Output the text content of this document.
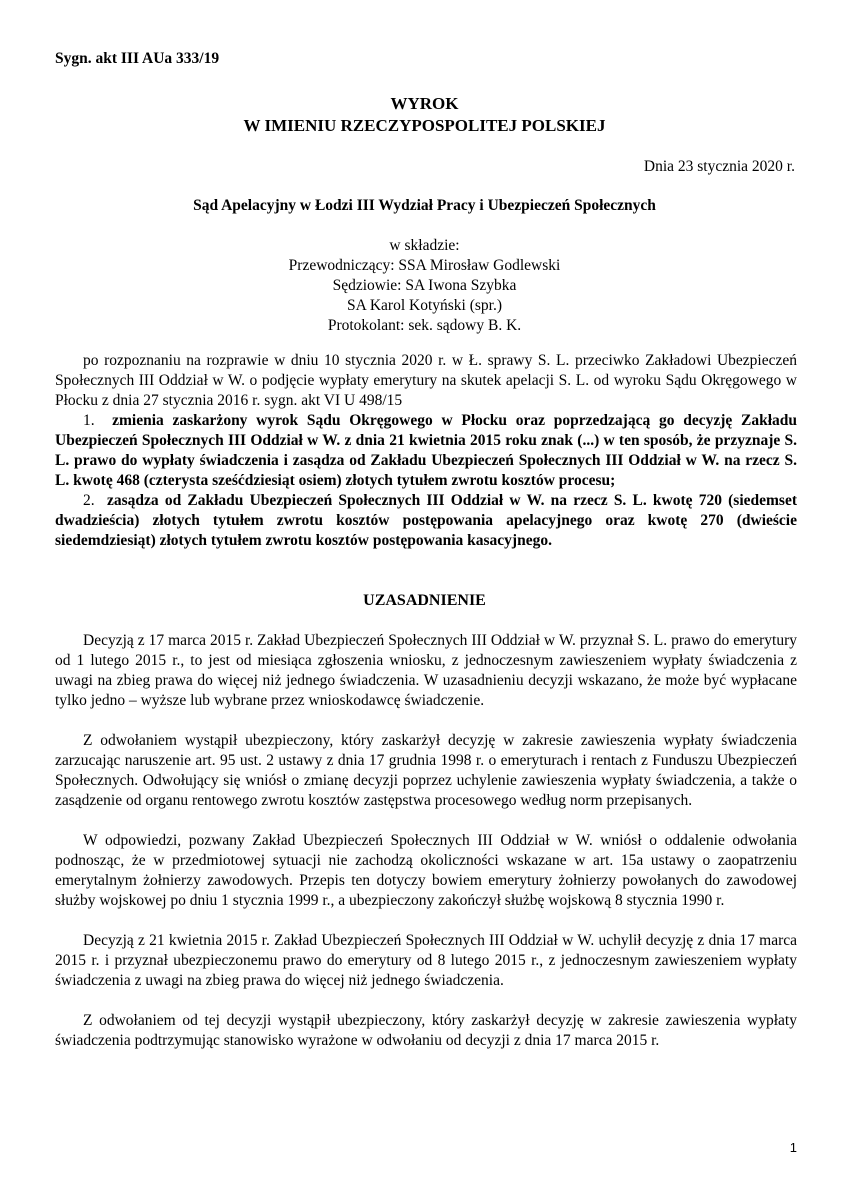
Sygn. akt III AUa 333/19
WYROK
W IMIENIU RZECZYPOSPOLITEJ POLSKIEJ
Dnia 23 stycznia 2020 r.
Sąd Apelacyjny w Łodzi III Wydział Pracy i Ubezpieczeń Społecznych
w składzie:
Przewodniczący: SSA Mirosław Godlewski
Sędziowie: SA Iwona Szybka
SA Karol Kotyński (spr.)
Protokolant: sek. sądowy B. K.

po rozpoznaniu na rozprawie w dniu 10 stycznia 2020 r. w Ł. sprawy S. L. przeciwko Zakładowi Ubezpieczeń Społecznych III Oddział w W. o podjęcie wypłaty emerytury na skutek apelacji S. L. od wyroku Sądu Okręgowego w Płocku z dnia 27 stycznia 2016 r. sygn. akt VI U 498/15

1. zmienia zaskarżony wyrok Sądu Okręgowego w Płocku oraz poprzedzającą go decyzję Zakładu Ubezpieczeń Społecznych III Oddział w W. z dnia 21 kwietnia 2015 roku znak (...) w ten sposób, że przyznaje S. L. prawo do wypłaty świadczenia i zasądza od Zakładu Ubezpieczeń Społecznych III Oddział w W. na rzecz S. L. kwotę 468 (czterysta sześćdziesiąt osiem) złotych tytułem zwrotu kosztów procesu;

2. zasądza od Zakładu Ubezpieczeń Społecznych III Oddział w W. na rzecz S. L. kwotę 720 (siedemset dwadzieścia) złotych tytułem zwrotu kosztów postępowania apelacyjnego oraz kwotę 270 (dwieście siedemdziesiąt) złotych tytułem zwrotu kosztów postępowania kasacyjnego.

UZASADNIENIE

Decyzją z 17 marca 2015 r. Zakład Ubezpieczeń Społecznych III Oddział w W. przyznał S. L. prawo do emerytury od 1 lutego 2015 r., to jest od miesiąca zgłoszenia wniosku, z jednoczesnym zawieszeniem wypłaty świadczenia z uwagi na zbieg prawa do więcej niż jednego świadczenia. W uzasadnieniu decyzji wskazano, że może być wypłacane tylko jedno – wyższe lub wybrane przez wnioskodawcę świadczenie.

Z odwołaniem wystąpił ubezpieczony, który zaskarżył decyzję w zakresie zawieszenia wypłaty świadczenia zarzucając naruszenie art. 95 ust. 2 ustawy z dnia 17 grudnia 1998 r. o emeryturach i rentach z Funduszu Ubezpieczeń Społecznych. Odwołujący się wniósł o zmianę decyzji poprzez uchylenie zawieszenia wypłaty świadczenia, a także o zasądzenie od organu rentowego zwrotu kosztów zastępstwa procesowego według norm przepisanych.

W odpowiedzi, pozwany Zakład Ubezpieczeń Społecznych III Oddział w W. wniósł o oddalenie odwołania podnosząc, że w przedmiotowej sytuacji nie zachodzą okoliczności wskazane w art. 15a ustawy o zaopatrzeniu emerytalnym żołnierzy zawodowych. Przepis ten dotyczy bowiem emerytury żołnierzy powołanych do zawodowej służby wojskowej po dniu 1 stycznia 1999 r., a ubezpieczony zakończył służbę wojskową 8 stycznia 1990 r.

Decyzją z 21 kwietnia 2015 r. Zakład Ubezpieczeń Społecznych III Oddział w W. uchylił decyzję z dnia 17 marca 2015 r. i przyznał ubezpieczonemu prawo do emerytury od 8 lutego 2015 r., z jednoczesnym zawieszeniem wypłaty świadczenia z uwagi na zbieg prawa do więcej niż jednego świadczenia.

Z odwołaniem od tej decyzji wystąpił ubezpieczony, który zaskarżył decyzję w zakresie zawieszenia wypłaty świadczenia podtrzymując stanowisko wyrażone w odwołaniu od decyzji z dnia 17 marca 2015 r.

1
